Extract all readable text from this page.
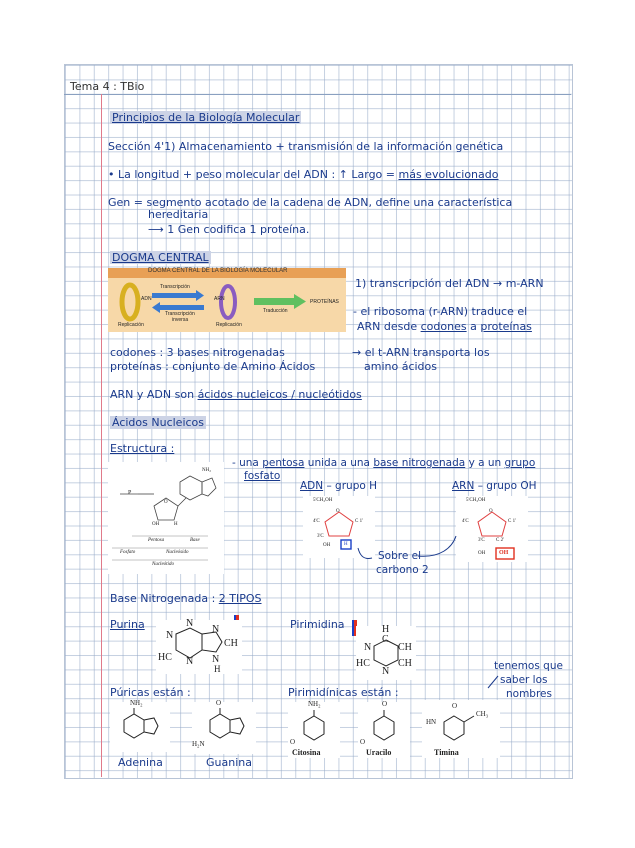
Tema 4 : TBio
Principios de la Biología Molecular
Sección 4'1) Almacenamiento + transmisión de la información genética
• La longitud + peso molecular del ADN : ↑ Largo = más evolucionado
Gen = segmento acotado de la cadena de ADN, define una característica
hereditaria
⟶ 1 Gen codifica 1 proteína.
DOGMA CENTRAL
DOGMA CENTRAL DE LA BIOLOGÍA MOLECULAR
Transcripción
ADN	ARN
Transcripción
inversa
Traducción
PROTEÍNAS
Replicación	Replicación
1) transcripción del ADN → m-ARN
- el ribosoma (r-ARN) traduce el
ARN desde codones a proteínas
codones : 3 bases nitrogenadas
proteínas : conjunto de Amino Ácidos
→ el t-ARN transporta los
amino ácidos
ARN y ADN son ácidos nucleicos / nucleótidos
Ácidos Nucleicos
Estructura :
- una pentosa unida a una base nitrogenada y a un grupo
fosfato
NH₂
P
O
OH	H
Pentosa	Base
Fosfato	Nucleósido
Nucleótido
ADN – grupo H	ARN – grupo OH
5'CH₂OH
4'C	C 1'
3'C
O
OH	H
5'CH₂OH
4'C	C 1'
3'C C 2'
O
OH OH
Sobre el
carbono 2
Base Nitrogenada : 2 TIPOS
Purina	Pirimidina
N
N
HC N
N
CH
N
H
H
C
N	CH
HC	CH
N	tenemos que
saber los
nombres
Púricas están :	Pirimidínicas están :
NH₂	O
H₂N
NH₂
O
Citosina
O
O
Uracilo
O
HN
CH₃
Timina
Adenina	Guanina
